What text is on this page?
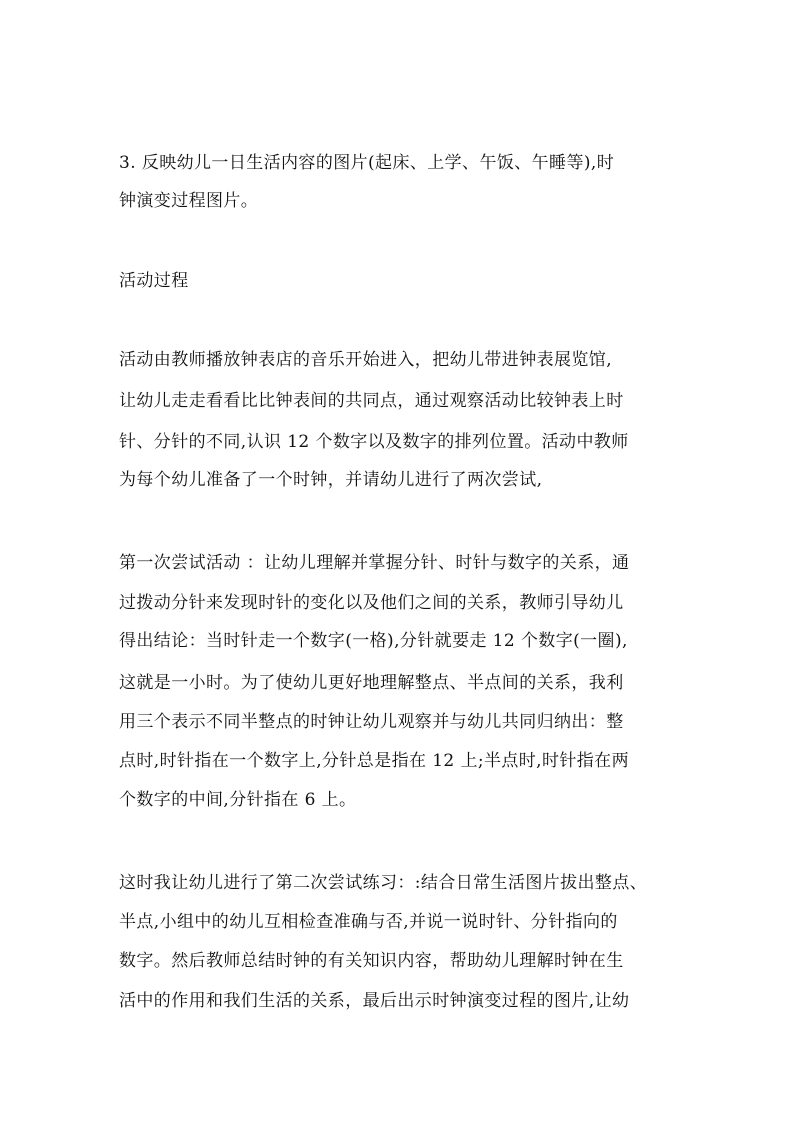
3. 反映幼儿一日生活内容的图片(起床、上学、午饭、午睡等),时
钟演变过程图片。
活动过程
活动由教师播放钟表店的音乐开始进入，把幼儿带进钟表展览馆,
让幼儿走走看看比比钟表间的共同点，通过观察活动比较钟表上时
针、分针的不同,认识 12 个数字以及数字的排列位置。活动中教师
为每个幼儿准备了一个时钟，并请幼儿进行了两次尝试,
第一次尝试活动 ：让幼儿理解并掌握分针、时针与数字的关系，通
过拨动分针来发现时针的变化以及他们之间的关系，教师引导幼儿
得出结论：当时针走一个数字(一格),分针就要走 12 个数字(一圈),
这就是一小时。为了使幼儿更好地理解整点、半点间的关系，我利
用三个表示不同半整点的时钟让幼儿观察并与幼儿共同归纳出：整
点时,时针指在一个数字上,分针总是指在 12 上;半点时,时针指在两
个数字的中间,分针指在 6 上。
这时我让幼儿进行了第二次尝试练习：:结合日常生活图片拔出整点、
半点,小组中的幼儿互相检查准确与否,并说一说时针、分针指向的
数字。然后教师总结时钟的有关知识内容，帮助幼儿理解时钟在生
活中的作用和我们生活的关系，最后出示时钟演变过程的图片,让幼
